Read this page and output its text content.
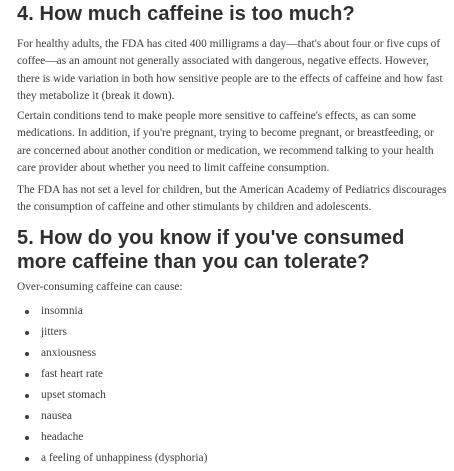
4. How much caffeine is too much?

For healthy adults, the FDA has cited 400 milligrams a day—that's about four or five cups of coffee—as an amount not generally associated with dangerous, negative effects. However, there is wide variation in both how sensitive people are to the effects of caffeine and how fast they metabolize it (break it down).

Certain conditions tend to make people more sensitive to caffeine's effects, as can some medications. In addition, if you're pregnant, trying to become pregnant, or breastfeeding, or are concerned about another condition or medication, we recommend talking to your health care provider about whether you need to limit caffeine consumption.

The FDA has not set a level for children, but the American Academy of Pediatrics discourages the consumption of caffeine and other stimulants by children and adolescents.

5. How do you know if you've consumed more caffeine than you can tolerate?

Over-consuming caffeine can cause:

insomnia
jitters
anxiousness
fast heart rate
upset stomach
nausea
headache
a feeling of unhappiness (dysphoria)
